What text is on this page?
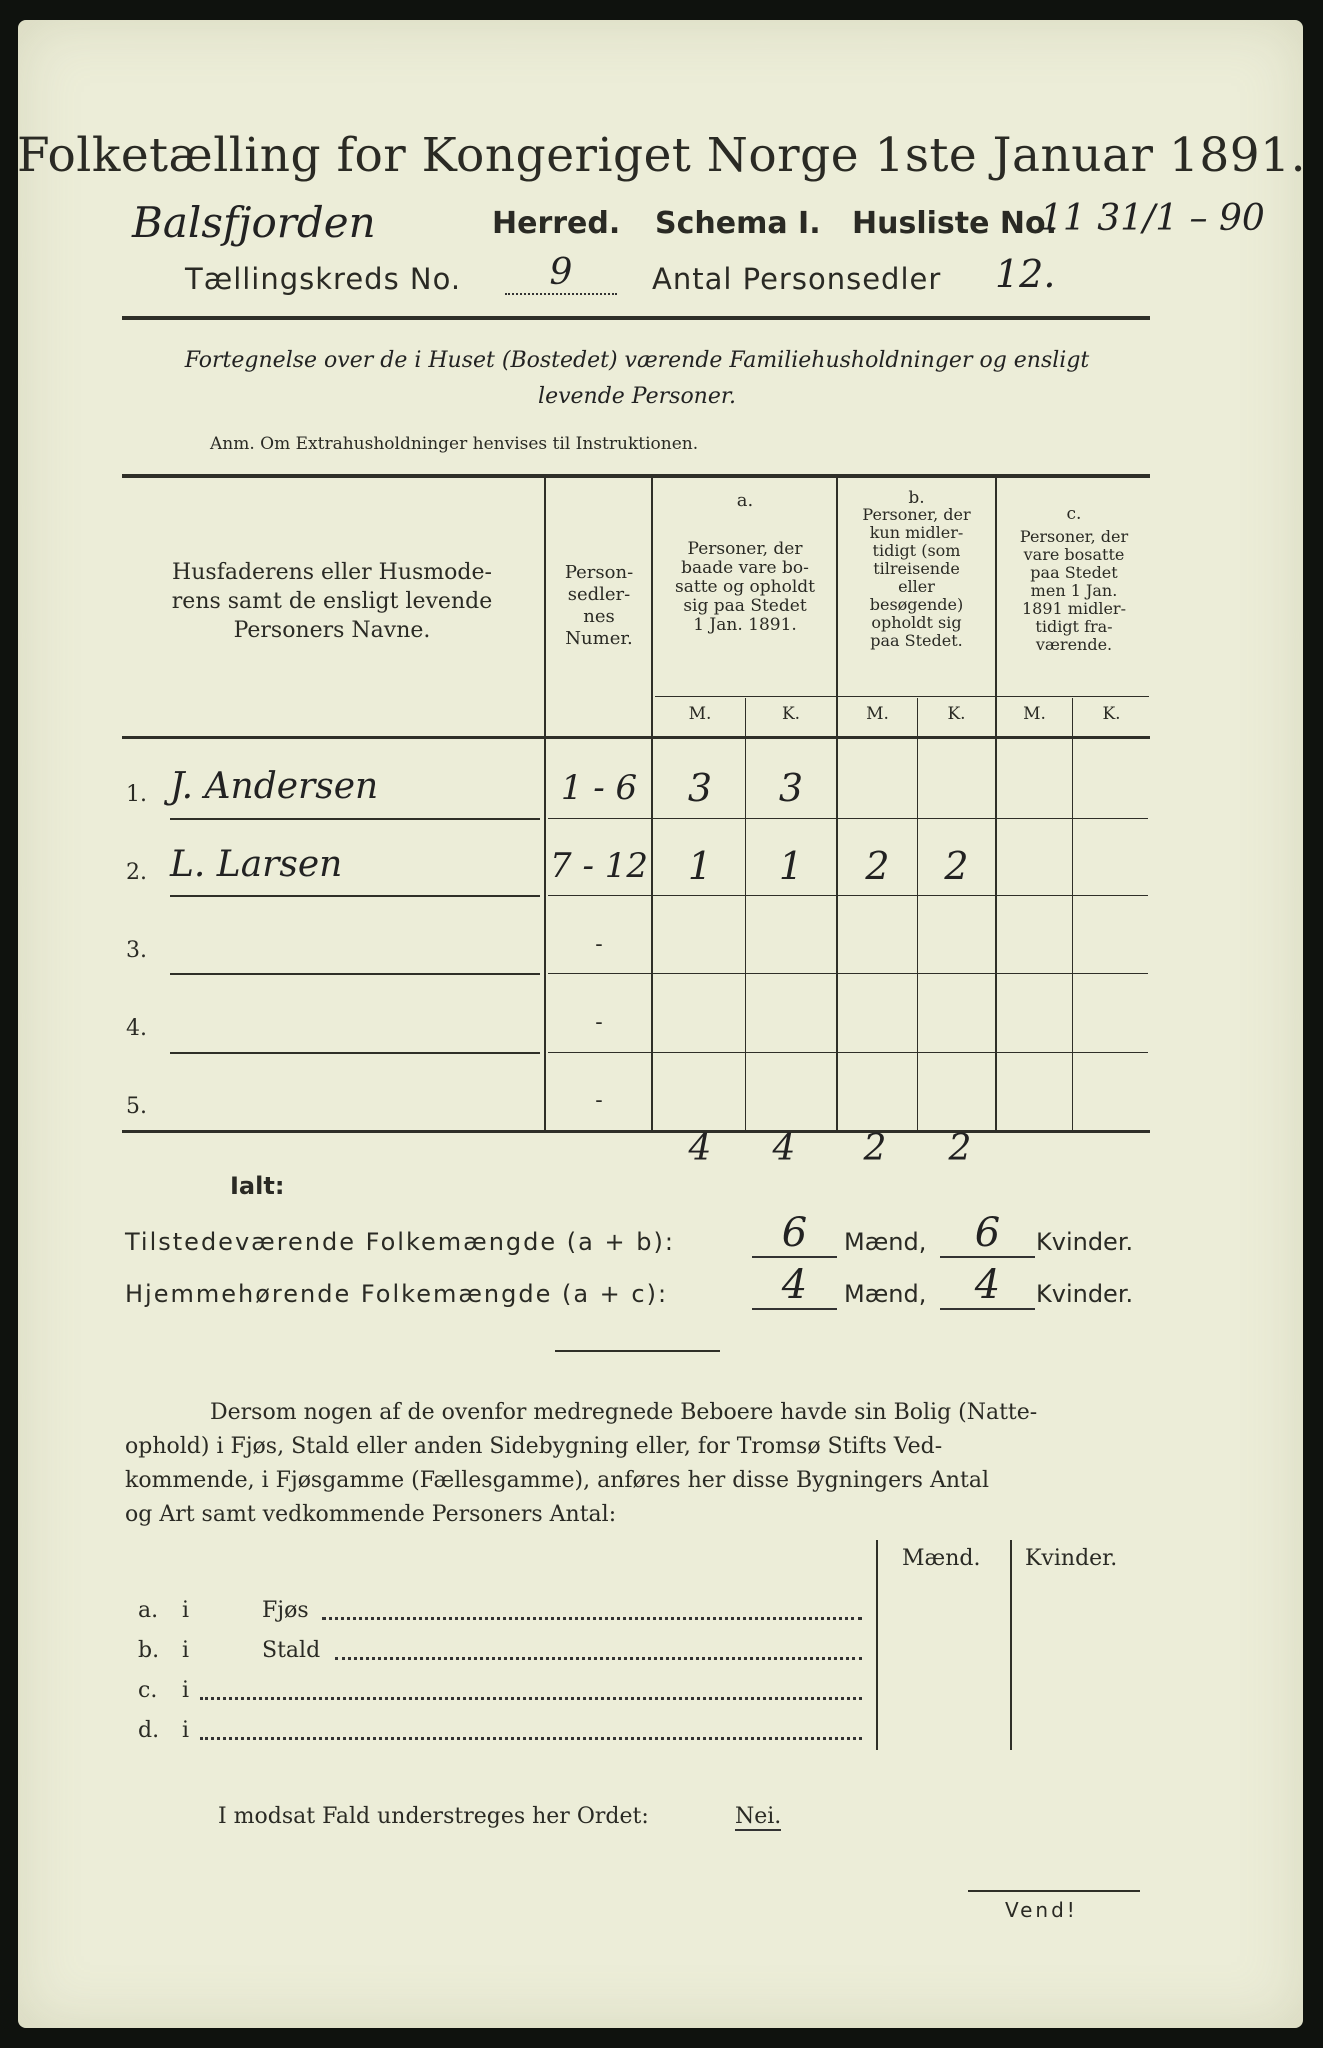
Folketælling for Kongeriget Norge 1ste Januar 1891.
Balsfjorden	Herred. Schema I. Husliste No.
11 31/1 – 90
Tællingskreds No.	9	Antal Personsedler 12.
Fortegnelse over de i Huset (Bostedet) værende Familiehusholdninger og ensligt
levende Personer.
Anm. Om Extrahusholdninger henvises til Instruktionen.
Husfaderens eller Husmode-
rens samt de ensligt levende
Personers Navne.
Person-
sedler-
nes
Numer.
a.
Personer, der
baade vare bo-
satte og opholdt
sig paa Stedet
1 Jan. 1891.
b.
Personer, der
kun midler-
tidigt (som
tilreisende
eller
besøgende)
opholdt sig
paa Stedet.
c.
Personer, der
vare bosatte
paa Stedet
men 1 Jan.
1891 midler-
tidigt fra-
værende.
M.	K.	M.	K.	M.	K.
1. J. Andersen	1 - 6	3	3
2. L. Larsen	7 - 12	1	1	2	2
3.	-
4.	-
5.	-
4	4	2	2
Ialt:
Tilstedeværende Folkemængde (a + b):	6	Mænd,	6	Kvinder.
Hjemmehørende Folkemængde (a + c):	4	Mænd,	4	Kvinder.
Dersom nogen af de ovenfor medregnede Beboere havde sin Bolig (Natte-
ophold) i Fjøs, Stald eller anden Sidebygning eller, for Tromsø Stifts Ved-
kommende, i Fjøsgamme (Fællesgamme), anføres her disse Bygningers Antal
og Art samt vedkommende Personers Antal:
Mænd. Kvinder.
a. i	Fjøs
b. i	Stald
c. i
d. i
I modsat Fald understreges her Ordet:	Nei.
Vend!
